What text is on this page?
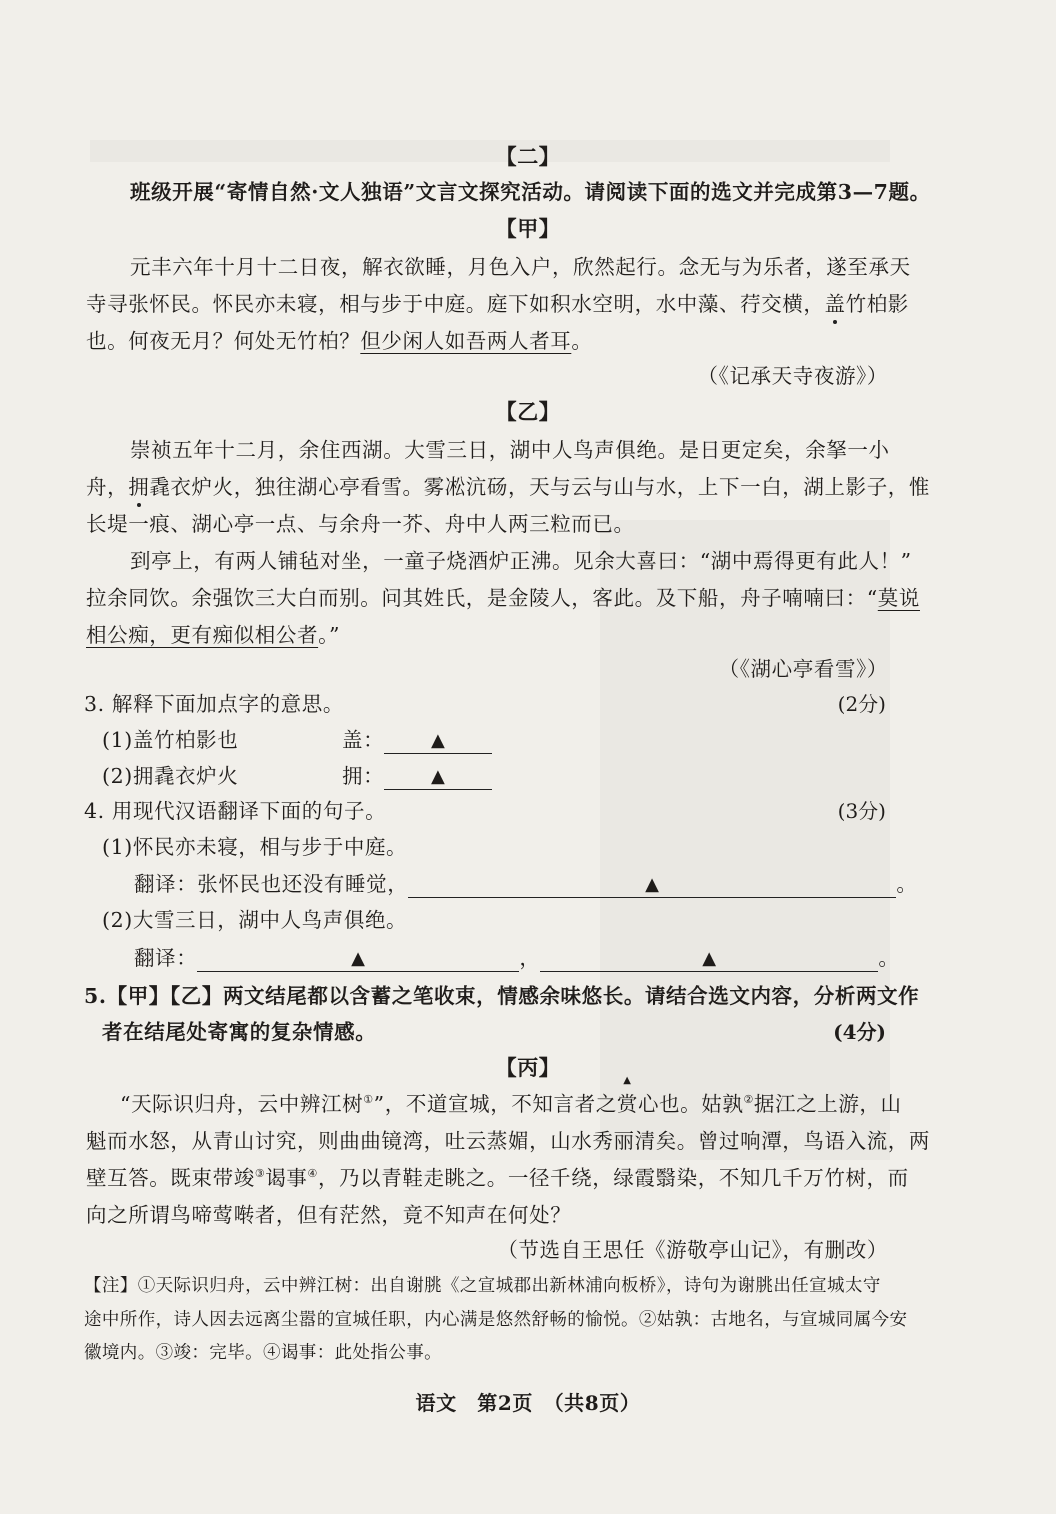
【二】
班级开展“寄情自然·文人独语”文言文探究活动。请阅读下面的选文并完成第3—7题。
【甲】
元丰六年十月十二日夜，解衣欲睡，月色入户，欣然起行。念无与为乐者，遂至承天
寺寻张怀民。怀民亦未寝，相与步于中庭。庭下如积水空明，水中藻、荇交横，盖竹柏影
也。何夜无月？何处无竹柏？但少闲人如吾两人者耳。
（《记承天寺夜游》）
【乙】
崇祯五年十二月，余住西湖。大雪三日，湖中人鸟声俱绝。是日更定矣，余拏一小
舟，拥毳衣炉火，独往湖心亭看雪。雾凇沆砀，天与云与山与水，上下一白，湖上影子，惟
长堤一痕、湖心亭一点、与余舟一芥、舟中人两三粒而已。
到亭上，有两人铺毡对坐，一童子烧酒炉正沸。见余大喜曰：“湖中焉得更有此人！”
拉余同饮。余强饮三大白而别。问其姓氏，是金陵人，客此。及下船，舟子喃喃曰：“莫说
相公痴，更有痴似相公者。”
（《湖心亭看雪》）
3. 解释下面加点字的意思。	(2分)
(1)盖竹柏影也	盖：	▲
(2)拥毳衣炉火	拥：	▲
4. 用现代汉语翻译下面的句子。	(3分)
(1)怀民亦未寝，相与步于中庭。
翻译：张怀民也还没有睡觉，	▲	。
(2)大雪三日，湖中人鸟声俱绝。
翻译：	▲	，	▲	。
5.【甲】【乙】两文结尾都以含蓄之笔收束，情感余味悠长。请结合选文内容，分析两文作
者在结尾处寄寓的复杂情感。	(4分)
【丙】
“天际识归舟，云中辨江树①”，不道宣城，不知言者之▲ 赏心也。姑孰②据江之上游，山
魁而水怒，从青山讨究，则曲曲镜湾，吐云蒸媚，山水秀丽清矣。曾过响潭，鸟语入流，两
壁互答。既束带竣③谒事④，乃以青鞋走眺之。一径千绕，绿霞翳染，不知几千万竹树，而
向之所谓鸟啼莺啭者，但有茫然，竟不知声在何处？
（节选自王思任《游敬亭山记》，有删改）
【注】①天际识归舟，云中辨江树：出自谢朓《之宣城郡出新林浦向板桥》，诗句为谢朓出任宣城太守
途中所作，诗人因去远离尘嚣的宣城任职，内心满是悠然舒畅的愉悦。②姑孰：古地名，与宣城同属今安
徽境内。③竣：完毕。④谒事：此处指公事。
语文　第2页　（共8页）
